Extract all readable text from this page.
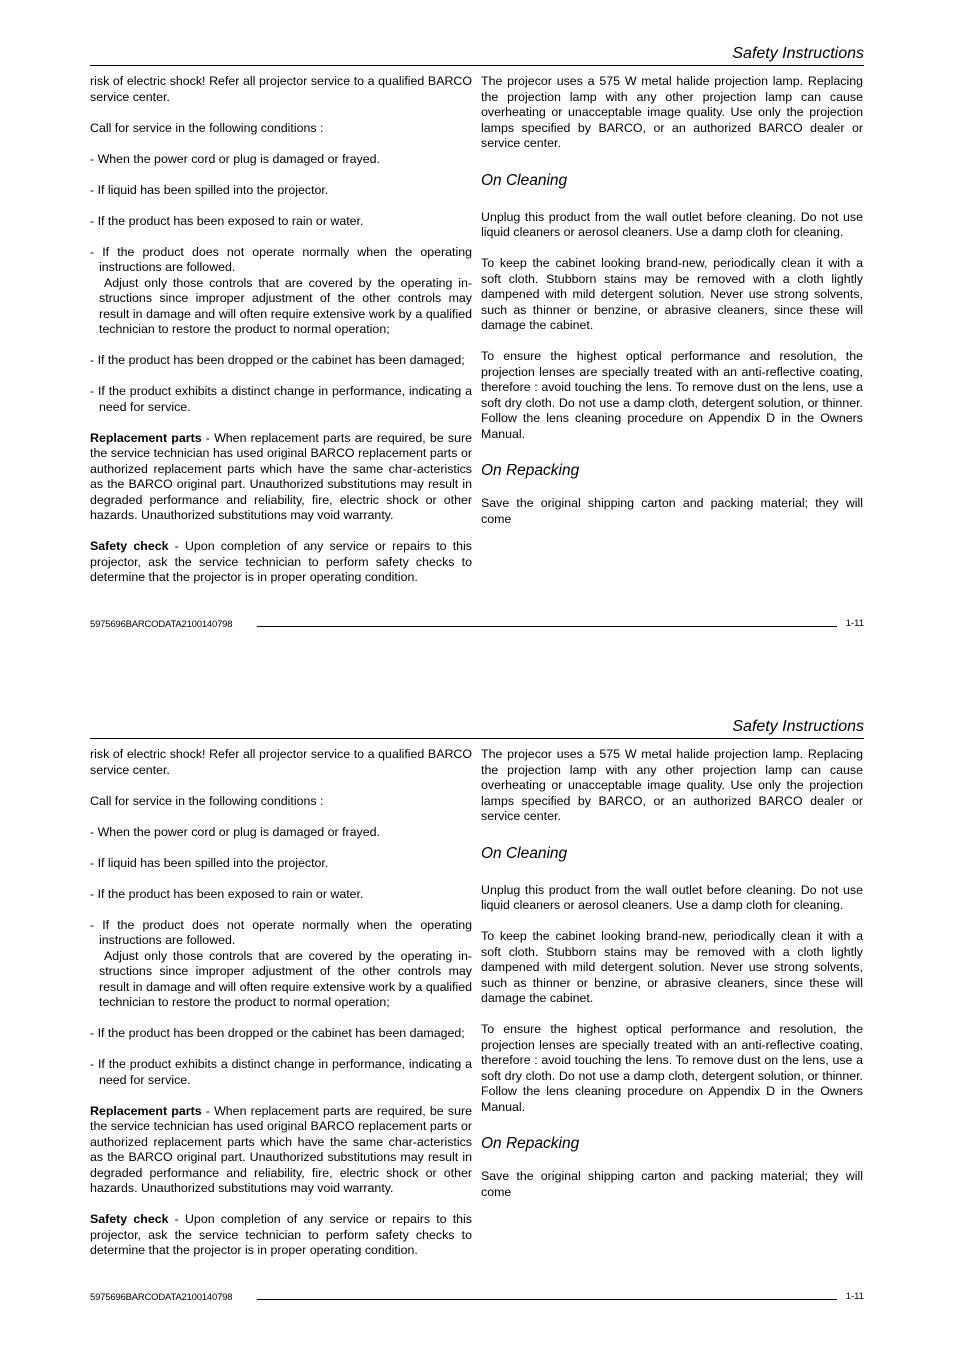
Safety Instructions

risk of electric shock! Refer all projector service to a qualified BARCO service center.

Call for service in the following conditions :

- When the power cord or plug is damaged or frayed.

- If liquid has been spilled into the projector.

- If the product has been exposed to rain or water.

- If the product does not operate normally when the operating instructions are followed.

Adjust only those controls that are covered by the operating in-structions since improper adjustment of the other controls may result in damage and will often require extensive work by a qualified technician to restore the product to normal operation;

- If the product has been dropped or the cabinet has been damaged;

- If the product exhibits a distinct change in performance, indicating a need for service.

Replacement parts - When replacement parts are required, be sure the service technician has used original BARCO replacement parts or authorized replacement parts which have the same char-acteristics as the BARCO original part. Unauthorized substitutions may result in degraded performance and reliability, fire, electric shock or other hazards. Unauthorized substitutions may void warranty.

Safety check - Upon completion of any service or repairs to this projector, ask the service technician to perform safety checks to determine that the projector is in proper operating condition.

The projecor uses a 575 W metal halide projection lamp. Replacing the projection lamp with any other projection lamp can cause overheating or unacceptable image quality. Use only the projection lamps specified by BARCO, or an authorized BARCO dealer or service center.

On Cleaning

Unplug this product from the wall outlet before cleaning. Do not use liquid cleaners or aerosol cleaners. Use a damp cloth for cleaning.

To keep the cabinet looking brand-new, periodically clean it with a soft cloth. Stubborn stains may be removed with a cloth lightly dampened with mild detergent solution. Never use strong solvents, such as thinner or benzine, or abrasive cleaners, since these will damage the cabinet.

To ensure the highest optical performance and resolution, the projection lenses are specially treated with an anti-reflective coating, therefore : avoid touching the lens. To remove dust on the lens, use a soft dry cloth. Do not use a damp cloth, detergent solution, or thinner. Follow the lens cleaning procedure on Appendix D in the Owners Manual.

On Repacking

Save the original shipping carton and packing material; they will come

5975696BARCODATA2100140798	1-11
Safety Instructions

risk of electric shock! Refer all projector service to a qualified BARCO service center.

Call for service in the following conditions :

- When the power cord or plug is damaged or frayed.

- If liquid has been spilled into the projector.

- If the product has been exposed to rain or water.

- If the product does not operate normally when the operating instructions are followed.

Adjust only those controls that are covered by the operating in-structions since improper adjustment of the other controls may result in damage and will often require extensive work by a qualified technician to restore the product to normal operation;

- If the product has been dropped or the cabinet has been damaged;

- If the product exhibits a distinct change in performance, indicating a need for service.

Replacement parts - When replacement parts are required, be sure the service technician has used original BARCO replacement parts or authorized replacement parts which have the same char-acteristics as the BARCO original part. Unauthorized substitutions may result in degraded performance and reliability, fire, electric shock or other hazards. Unauthorized substitutions may void warranty.

Safety check - Upon completion of any service or repairs to this projector, ask the service technician to perform safety checks to determine that the projector is in proper operating condition.

The projecor uses a 575 W metal halide projection lamp. Replacing the projection lamp with any other projection lamp can cause overheating or unacceptable image quality. Use only the projection lamps specified by BARCO, or an authorized BARCO dealer or service center.

On Cleaning

Unplug this product from the wall outlet before cleaning. Do not use liquid cleaners or aerosol cleaners. Use a damp cloth for cleaning.

To keep the cabinet looking brand-new, periodically clean it with a soft cloth. Stubborn stains may be removed with a cloth lightly dampened with mild detergent solution. Never use strong solvents, such as thinner or benzine, or abrasive cleaners, since these will damage the cabinet.

To ensure the highest optical performance and resolution, the projection lenses are specially treated with an anti-reflective coating, therefore : avoid touching the lens. To remove dust on the lens, use a soft dry cloth. Do not use a damp cloth, detergent solution, or thinner. Follow the lens cleaning procedure on Appendix D in the Owners Manual.

On Repacking

Save the original shipping carton and packing material; they will come

5975696BARCODATA2100140798	1-11
